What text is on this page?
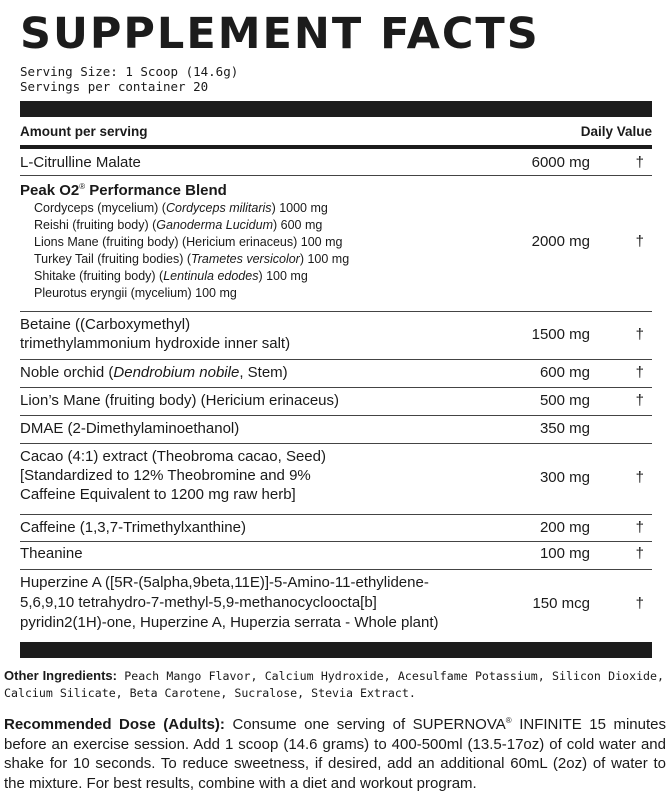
SUPPLEMENT FACTS
Serving Size: 1 Scoop (14.6g)
Servings per container 20
Amount per serving	Daily Value
L-Citrulline Malate	6000 mg	†
Peak O2® Performance Blend
Cordyceps (mycelium) (Cordyceps militaris) 1000 mg
Reishi (fruiting body) (Ganoderma Lucidum) 600 mg
Lions Mane (fruiting body) (Hericium erinaceus) 100 mg
Turkey Tail (fruiting bodies) (Trametes versicolor) 100 mg
Shitake (fruiting body) (Lentinula edodes) 100 mg
Pleurotus eryngii (mycelium) 100 mg
2000 mg	†
Betaine ((Carboxymethyl)
trimethylammonium hydroxide inner salt)
1500 mg	†
Noble orchid (Dendrobium nobile, Stem)	600 mg	†
Lion’s Mane (fruiting body) (Hericium erinaceus)	500 mg	†
DMAE (2-Dimethylaminoethanol)	350 mg
Cacao (4:1) extract (Theobroma cacao, Seed)
[Standardized to 12% Theobromine and 9%
Caffeine Equivalent to 1200 mg raw herb]
300 mg	†
Caffeine (1,3,7-Trimethylxanthine)	200 mg	†
Theanine	100 mg	†
Huperzine A ([5R-(5alpha,9beta,11E)]-5-Amino-11-ethylidene-
5,6,9,10 tetrahydro-7-methyl-5,9-methanocycloocta[b]
pyridin2(1H)-one, Huperzine A, Huperzia serrata - Whole plant)
150 mcg	†
Other Ingredients: Peach Mango Flavor, Calcium Hydroxide, Acesulfame Potassium, Silicon Dioxide, Calcium Silicate, Beta Carotene, Sucralose, Stevia Extract.
Recommended Dose (Adults): Consume one serving of SUPERNOVA® INFINITE 15 minutes before an exercise session. Add 1 scoop (14.6 grams) to 400-500ml (13.5-17oz) of cold water and shake for 10 seconds. To reduce sweetness, if desired, add an additional 60mL (2oz) of water to the mixture. For best results, combine with a diet and workout program.
